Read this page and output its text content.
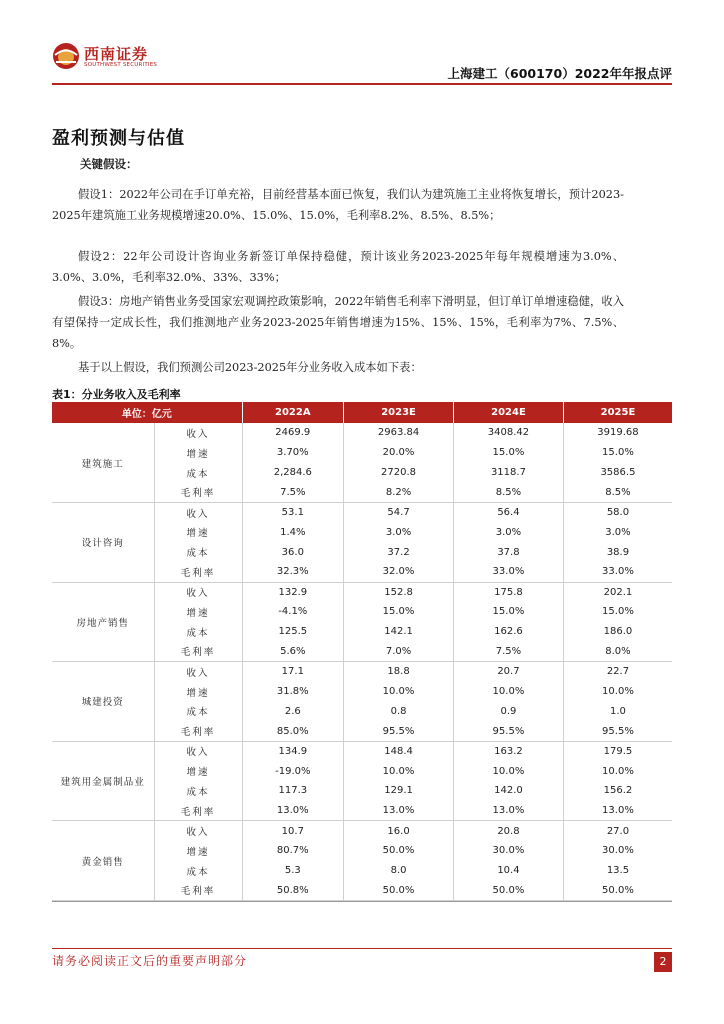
西南证券
SOUTHWEST SECURITIES
上海建工（600170）2022年年报点评
盈利预测与估值
关键假设：
假设1：2022年公司在手订单充裕，目前经营基本面已恢复，我们认为建筑施工主业将恢复增长，预计2023-2025年建筑施工业务规模增速20.0%、15.0%、15.0%，毛利率8.2%、8.5%、8.5%；
假设2：22年公司设计咨询业务新签订单保持稳健，预计该业务2023-2025年每年规模增速为3.0%、3.0%、3.0%，毛利率32.0%、33%、33%；
假设3：房地产销售业务受国家宏观调控政策影响，2022年销售毛利率下滑明显，但订单订单增速稳健，收入有望保持一定成长性，我们推测地产业务2023-2025年销售增速为15%、15%、15%，毛利率为7%、7.5%、8%。
基于以上假设，我们预测公司2023-2025年分业务收入成本如下表：
表1：分业务收入及毛利率
单位：亿元		2022A	2023E	2024E	2025E
建筑施工	收入	2469.9	2963.84	3408.42	3919.68
	增速	3.70%	20.0%	15.0%	15.0%
	成本	2,284.6	2720.8	3118.7	3586.5
	毛利率	7.5%	8.2%	8.5%	8.5%
设计咨询	收入	53.1	54.7	56.4	58.0
	增速	1.4%	3.0%	3.0%	3.0%
	成本	36.0	37.2	37.8	38.9
	毛利率	32.3%	32.0%	33.0%	33.0%
房地产销售	收入	132.9	152.8	175.8	202.1
	增速	-4.1%	15.0%	15.0%	15.0%
	成本	125.5	142.1	162.6	186.0
	毛利率	5.6%	7.0%	7.5%	8.0%
城建投资	收入	17.1	18.8	20.7	22.7
	增速	31.8%	10.0%	10.0%	10.0%
	成本	2.6	0.8	0.9	1.0
	毛利率	85.0%	95.5%	95.5%	95.5%
建筑用金属制品业	收入	134.9	148.4	163.2	179.5
	增速	-19.0%	10.0%	10.0%	10.0%
	成本	117.3	129.1	142.0	156.2
	毛利率	13.0%	13.0%	13.0%	13.0%
黄金销售	收入	10.7	16.0	20.8	27.0
	增速	80.7%	50.0%	30.0%	30.0%
	成本	5.3	8.0	10.4	13.5
	毛利率	50.8%	50.0%	50.0%	50.0%
请务必阅读正文后的重要声明部分	2
